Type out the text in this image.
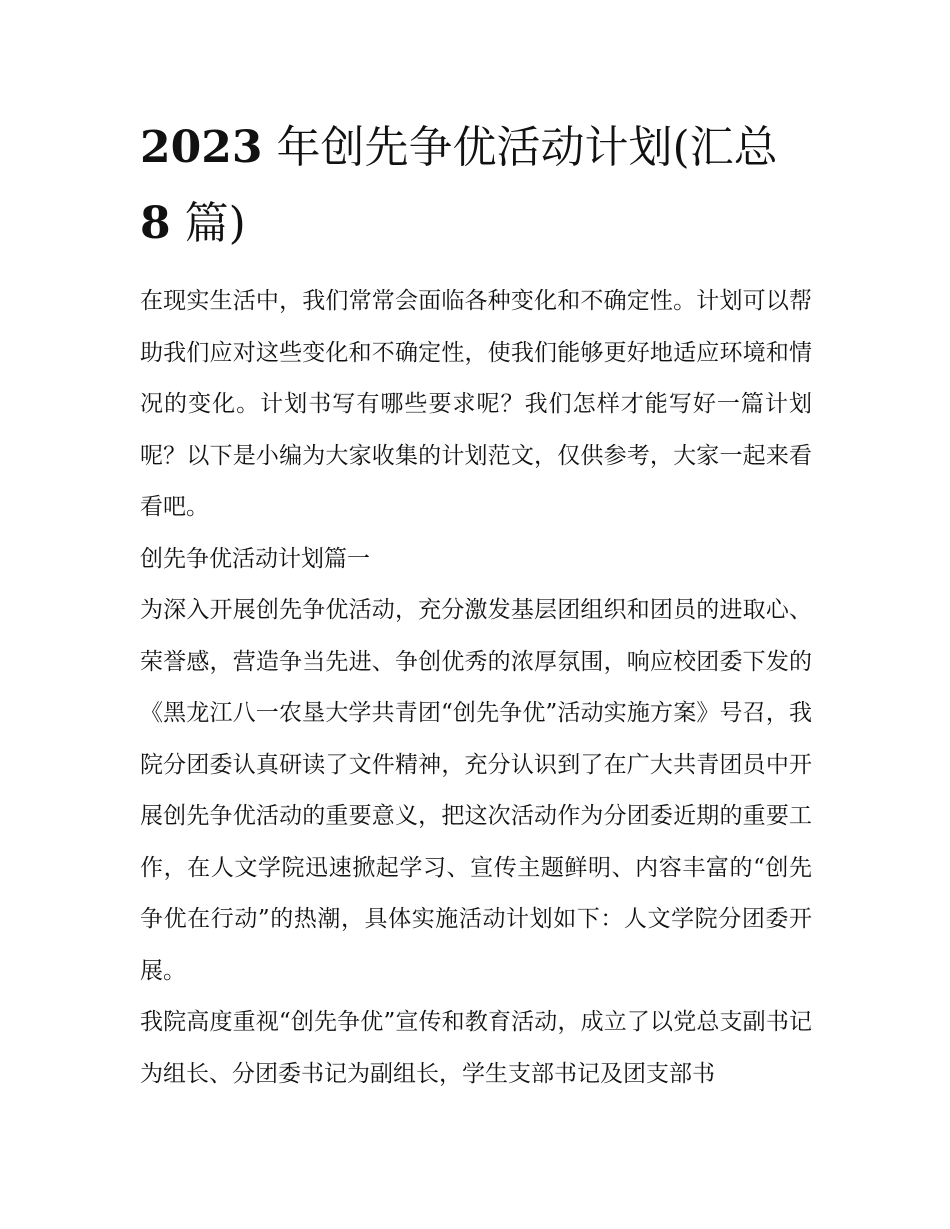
2023 年创先争优活动计划(汇总 8 篇)

在现实生活中，我们常常会面临各种变化和不确定性。计划可以帮助我们应对这些变化和不确定性，使我们能够更好地适应环境和情况的变化。计划书写有哪些要求呢？我们怎样才能写好一篇计划呢？以下是小编为大家收集的计划范文，仅供参考，大家一起来看看吧。

创先争优活动计划篇一

为深入开展创先争优活动，充分激发基层团组织和团员的进取心、荣誉感，营造争当先进、争创优秀的浓厚氛围，响应校团委下发的《黑龙江八一农垦大学共青团“创先争优”活动实施方案》号召，我院分团委认真研读了文件精神，充分认识到了在广大共青团员中开展创先争优活动的重要意义，把这次活动作为分团委近期的重要工作，在人文学院迅速掀起学习、宣传主题鲜明、内容丰富的“创先争优在行动”的热潮，具体实施活动计划如下：人文学院分团委开展。

我院高度重视“创先争优”宣传和教育活动，成立了以党总支副书记为组长、分团委书记为副组长，学生支部书记及团支部书
